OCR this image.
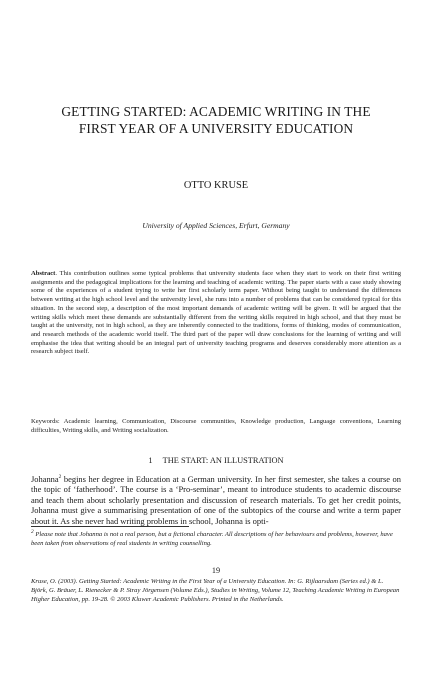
GETTING STARTED: ACADEMIC WRITING IN THE
FIRST YEAR OF A UNIVERSITY EDUCATION
OTTO KRUSE
University of Applied Sciences, Erfurt, Germany

Abstract. This contribution outlines some typical problems that university students face when they start to work on their first writing assignments and the pedagogical implications for the learning and teaching of academic writing. The paper starts with a case study showing some of the experiences of a student trying to write her first scholarly term paper. Without being taught to understand the differences between writing at the high school level and the university level, she runs into a number of problems that can be considered typical for this situation. In the second step, a description of the most important demands of academic writing will be given. It will be argued that the writing skills which meet these demands are substantially different from the writing skills required in high school, and that they must be taught at the university, not in high school, as they are inherently connected to the traditions, forms of thinking, modes of communication, and research methods of the academic world itself. The third part of the paper will draw conclusions for the learning of writing and will emphasise the idea that writing should be an integral part of university teaching programs and deserves considerably more attention as a research subject itself.

Keywords: Academic learning, Communication, Discourse communities, Knowledge production, Language conventions, Learning difficulties, Writing skills, and Writing socialization.

1 THE START: AN ILLUSTRATION

Johanna$^2$ begins her degree in Education at a German university. In her first semester, she takes a course on the topic of ‘fatherhood’. The course is a ‘Pro-seminar’, meant to introduce students to academic discourse and teach them about scholarly presentation and discussion of research materials. To get her credit points, Johanna must give a summarising presentation of one of the subtopics of the course and write a term paper about it. As she never had writing problems in school, Johanna is opti-

$^2$ Please note that Johanna is not a real person, but a fictional character. All descriptions of her behaviours and problems, however, have been taken from observations of real students in writing counselling.

19

Kruse, O. (2003). Getting Started: Academic Writing in the First Year of a University Education. In: G. Rijlaarsdam (Series ed.) & L. Björk, G. Bräuer, L. Rienecker & P. Stray Jörgensen (Volume Eds.), Studies in Writing, Volume 12, Teaching Academic Writing in European Higher Education, pp. 19-28. © 2003 Kluwer Academic Publishers. Printed in the Netherlands.
